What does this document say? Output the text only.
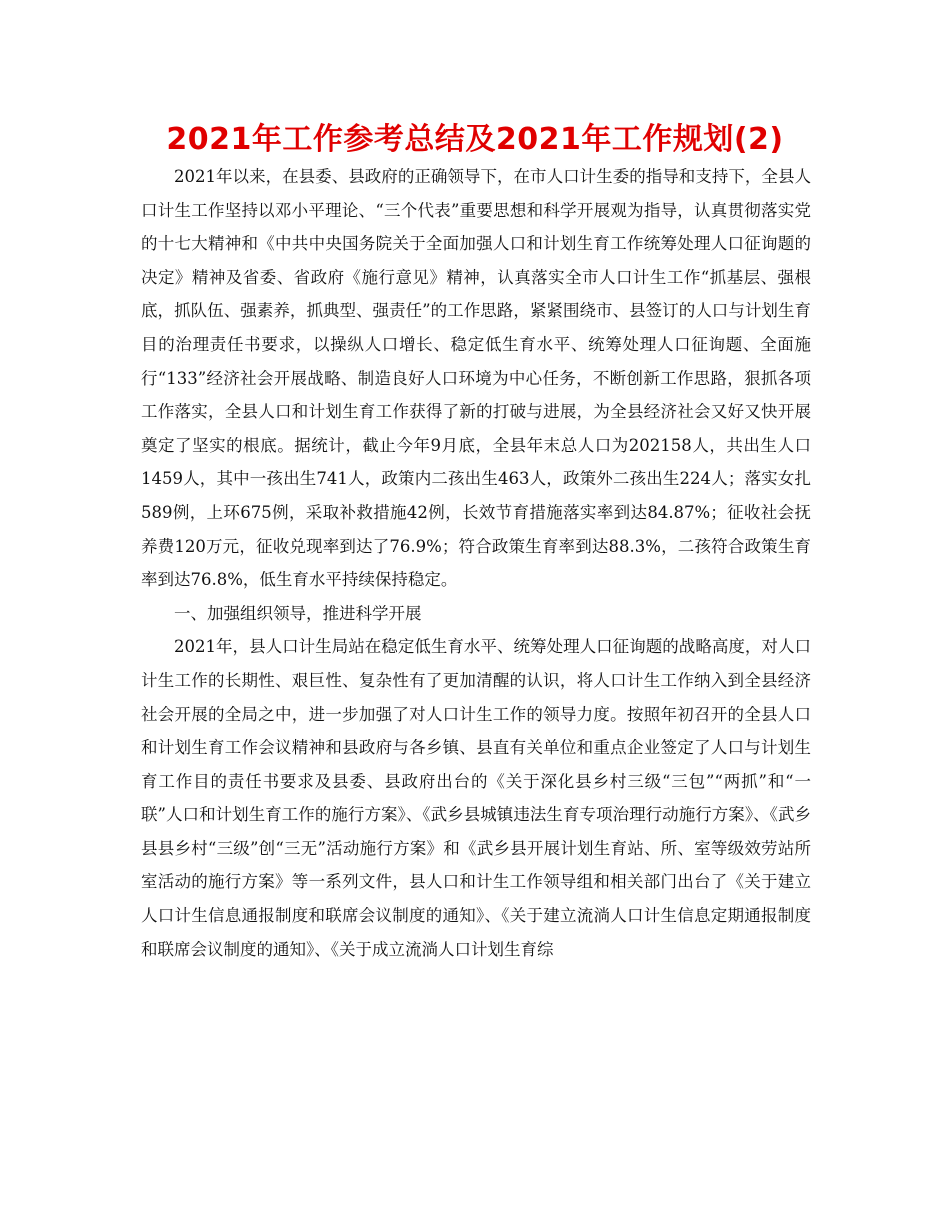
2021年工作参考总结及2021年工作规划(2)

2021年以来，在县委、县政府的正确领导下，在市人口计生委的指导和支持下，全县人口计生工作坚持以邓小平理论、“三个代表”重要思想和科学开展观为指导，认真贯彻落实党的十七大精神和《中共中央国务院关于全面加强人口和计划生育工作统筹处理人口征询题的决定》精神及省委、省政府《施行意见》精神，认真落实全市人口计生工作“抓基层、强根底，抓队伍、强素养，抓典型、强责任”的工作思路，紧紧围绕市、县签订的人口与计划生育目的治理责任书要求，以操纵人口增长、稳定低生育水平、统筹处理人口征询题、全面施行“133”经济社会开展战略、制造良好人口环境为中心任务，不断创新工作思路，狠抓各项工作落实，全县人口和计划生育工作获得了新的打破与进展，为全县经济社会又好又快开展奠定了坚实的根底。据统计，截止今年9月底，全县年末总人口为202158人，共出生人口1459人，其中一孩出生741人，政策内二孩出生463人，政策外二孩出生224人；落实女扎589例，上环675例，采取补救措施42例，长效节育措施落实率到达84.87%；征收社会抚养费120万元，征收兑现率到达了76.9%；符合政策生育率到达88.3%，二孩符合政策生育率到达76.8%，低生育水平持续保持稳定。

一、加强组织领导，推进科学开展

2021年，县人口计生局站在稳定低生育水平、统筹处理人口征询题的战略高度，对人口计生工作的长期性、艰巨性、复杂性有了更加清醒的认识，将人口计生工作纳入到全县经济社会开展的全局之中，进一步加强了对人口计生工作的领导力度。按照年初召开的全县人口和计划生育工作会议精神和县政府与各乡镇、县直有关单位和重点企业签定了人口与计划生育工作目的责任书要求及县委、县政府出台的《关于深化县乡村三级“三包”“两抓”和“一联”人口和计划生育工作的施行方案》、《武乡县城镇违法生育专项治理行动施行方案》、《武乡县县乡村“三级”创“三无”活动施行方案》和《武乡县开展计划生育站、所、室等级效劳站所室活动的施行方案》等一系列文件，县人口和计生工作领导组和相关部门出台了《关于建立人口计生信息通报制度和联席会议制度的通知》、《关于建立流淌人口计生信息定期通报制度和联席会议制度的通知》、《关于成立流淌人口计划生育综
